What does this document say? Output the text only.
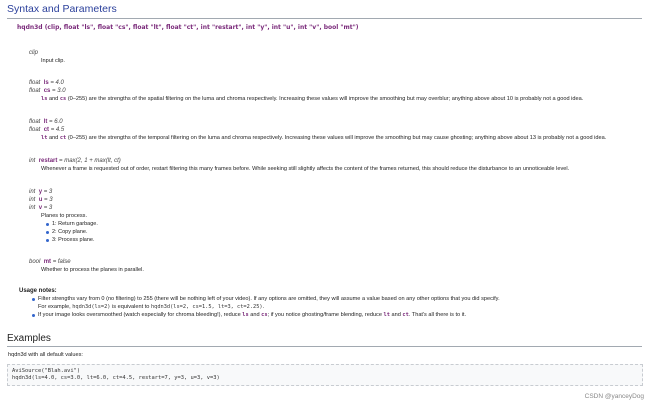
Syntax and Parameters
hqdn3d (clip, float "ls", float "cs", float "lt", float "ct", int "restart", int "y", int "u", int "v", bool "mt")
clip
Input clip.
float ls = 4.0
float cs = 3.0
ls and cs (0–255) are the strengths of the spatial filtering on the luma and chroma respectively. Increasing these values will improve the smoothing but may overblur; anything above about 10 is probably not a good idea.
float lt = 6.0
float ct = 4.5
lt and ct (0–255) are the strengths of the temporal filtering on the luma and chroma respectively. Increasing these values will improve the smoothing but may cause ghosting; anything above about 13 is probably not a good idea.
int restart = max(2, 1 + max(lt, ct)
Whenever a frame is requested out of order, restart filtering this many frames before. While seeking still slightly affects the content of the frames returned, this should reduce the disturbance to an unnoticeable level.
int y = 3
int u = 3
int v = 3
Planes to process.
1: Return garbage.
2: Copy plane.
3: Process plane.
bool mt = false
Whether to process the planes in parallel.
Usage notes:
Filter strengths vary from 0 (no filtering) to 255 (there will be nothing left of your video). If any options are omitted, they will assume a value based on any other options that you did specify.
For example, hqdn3d(ls=2) is equivalent to hqdn3d(ls=2, cs=1.5, lt=3, ct=2.25).
If your image looks oversmoothed (watch especially for chroma bleeding!), reduce ls and cs; if you notice ghosting/frame blending, reduce lt and ct. That's all there is to it.
Examples
hqdn3d with all default values:
AviSource("Blah.avi")
hqdn3d(ls=4.0, cs=3.0, lt=6.0, ct=4.5, restart=7, y=3, u=3, v=3)
CSDN @yanceyDog
